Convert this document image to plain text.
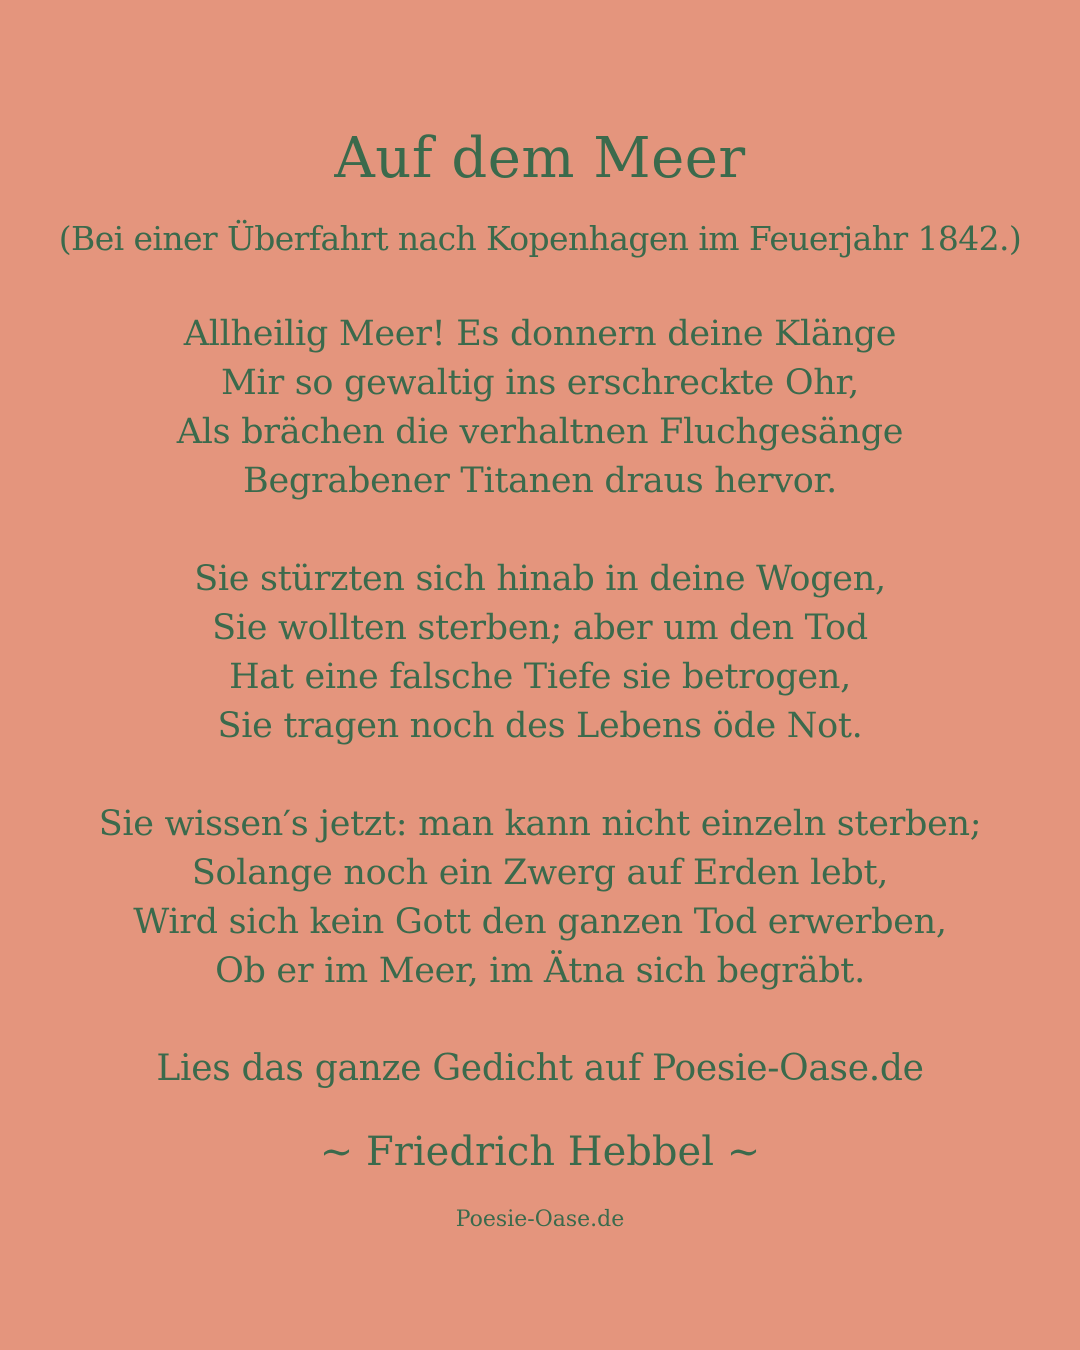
Auf dem Meer

(Bei einer Überfahrt nach Kopenhagen im Feuerjahr 1842.)

Allheilig Meer! Es donnern deine Klänge
Mir so gewaltig ins erschreckte Ohr,
Als brächen die verhaltnen Fluchgesänge
Begrabener Titanen draus hervor.
Sie stürzten sich hinab in deine Wogen,
Sie wollten sterben; aber um den Tod
Hat eine falsche Tiefe sie betrogen,
Sie tragen noch des Lebens öde Not.
Sie wissen′s jetzt: man kann nicht einzeln sterben;
Solange noch ein Zwerg auf Erden lebt,
Wird sich kein Gott den ganzen Tod erwerben,
Ob er im Meer, im Ätna sich begräbt.

Lies das ganze Gedicht auf Poesie-Oase.de

~ Friedrich Hebbel ~

Poesie-Oase.de
